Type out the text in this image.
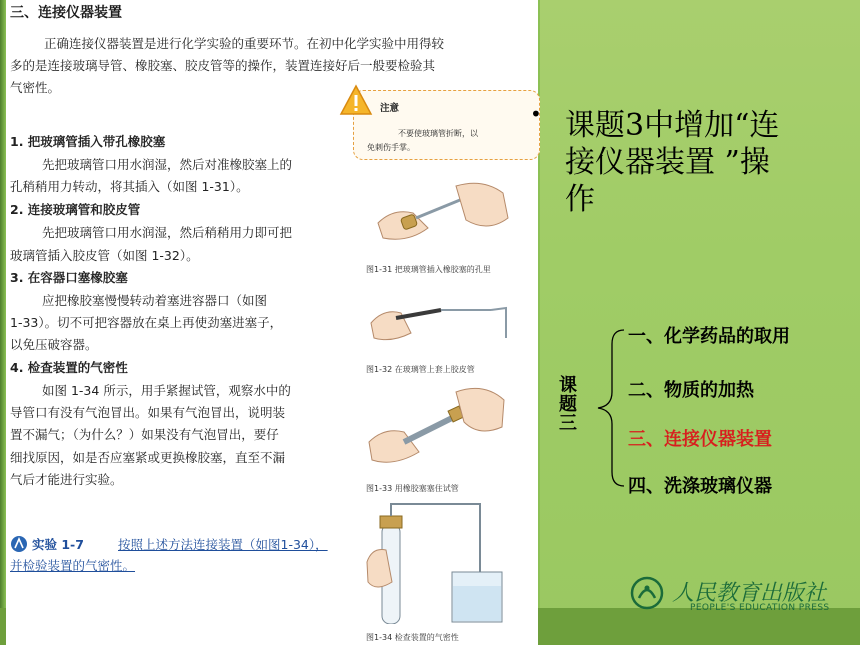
三、连接仪器装置
正确连接仪器装置是进行化学实验的重要环节。在初中化学实验中用得较
多的是连接玻璃导管、橡胶塞、胶皮管等的操作，装置连接好后一般要检验其
气密性。
1. 把玻璃管插入带孔橡胶塞
先把玻璃管口用水润湿，然后对准橡胶塞上的
孔稍稍用力转动，将其插入（如图 1-31）。
2. 连接玻璃管和胶皮管
先把玻璃管口用水润湿，然后稍稍用力即可把
玻璃管插入胶皮管（如图 1-32）。
3. 在容器口塞橡胶塞
应把橡胶塞慢慢转动着塞进容器口（如图
1-33）。切不可把容器放在桌上再使劲塞进塞子，
以免压破容器。
4. 检查装置的气密性
如图 1-34 所示，用手紧握试管，观察水中的
导管口有没有气泡冒出。如果有气泡冒出，说明装
置不漏气；（为什么？）如果没有气泡冒出，要仔
细找原因，如是否应塞紧或更换橡胶塞，直至不漏
气后才能进行实验。
实验 1-7	按照上述方法连接装置（如图1-34），
并检验装置的气密性。
注意
不要使玻璃管折断，以
免刺伤手掌。
图1-31 把玻璃管插入橡胶塞的孔里
图1-32 在玻璃管上套上胶皮管
图1-33 用橡胶塞塞住试管
图1-34 检查装置的气密性
• 课题3中增加“连
接仪器装置 ”操
作
课
题
三
一、化学药品的取用
二、物质的加热
三、连接仪器装置
四、洗涤玻璃仪器
人民教育出版社
PEOPLE'S EDUCATION PRESS
